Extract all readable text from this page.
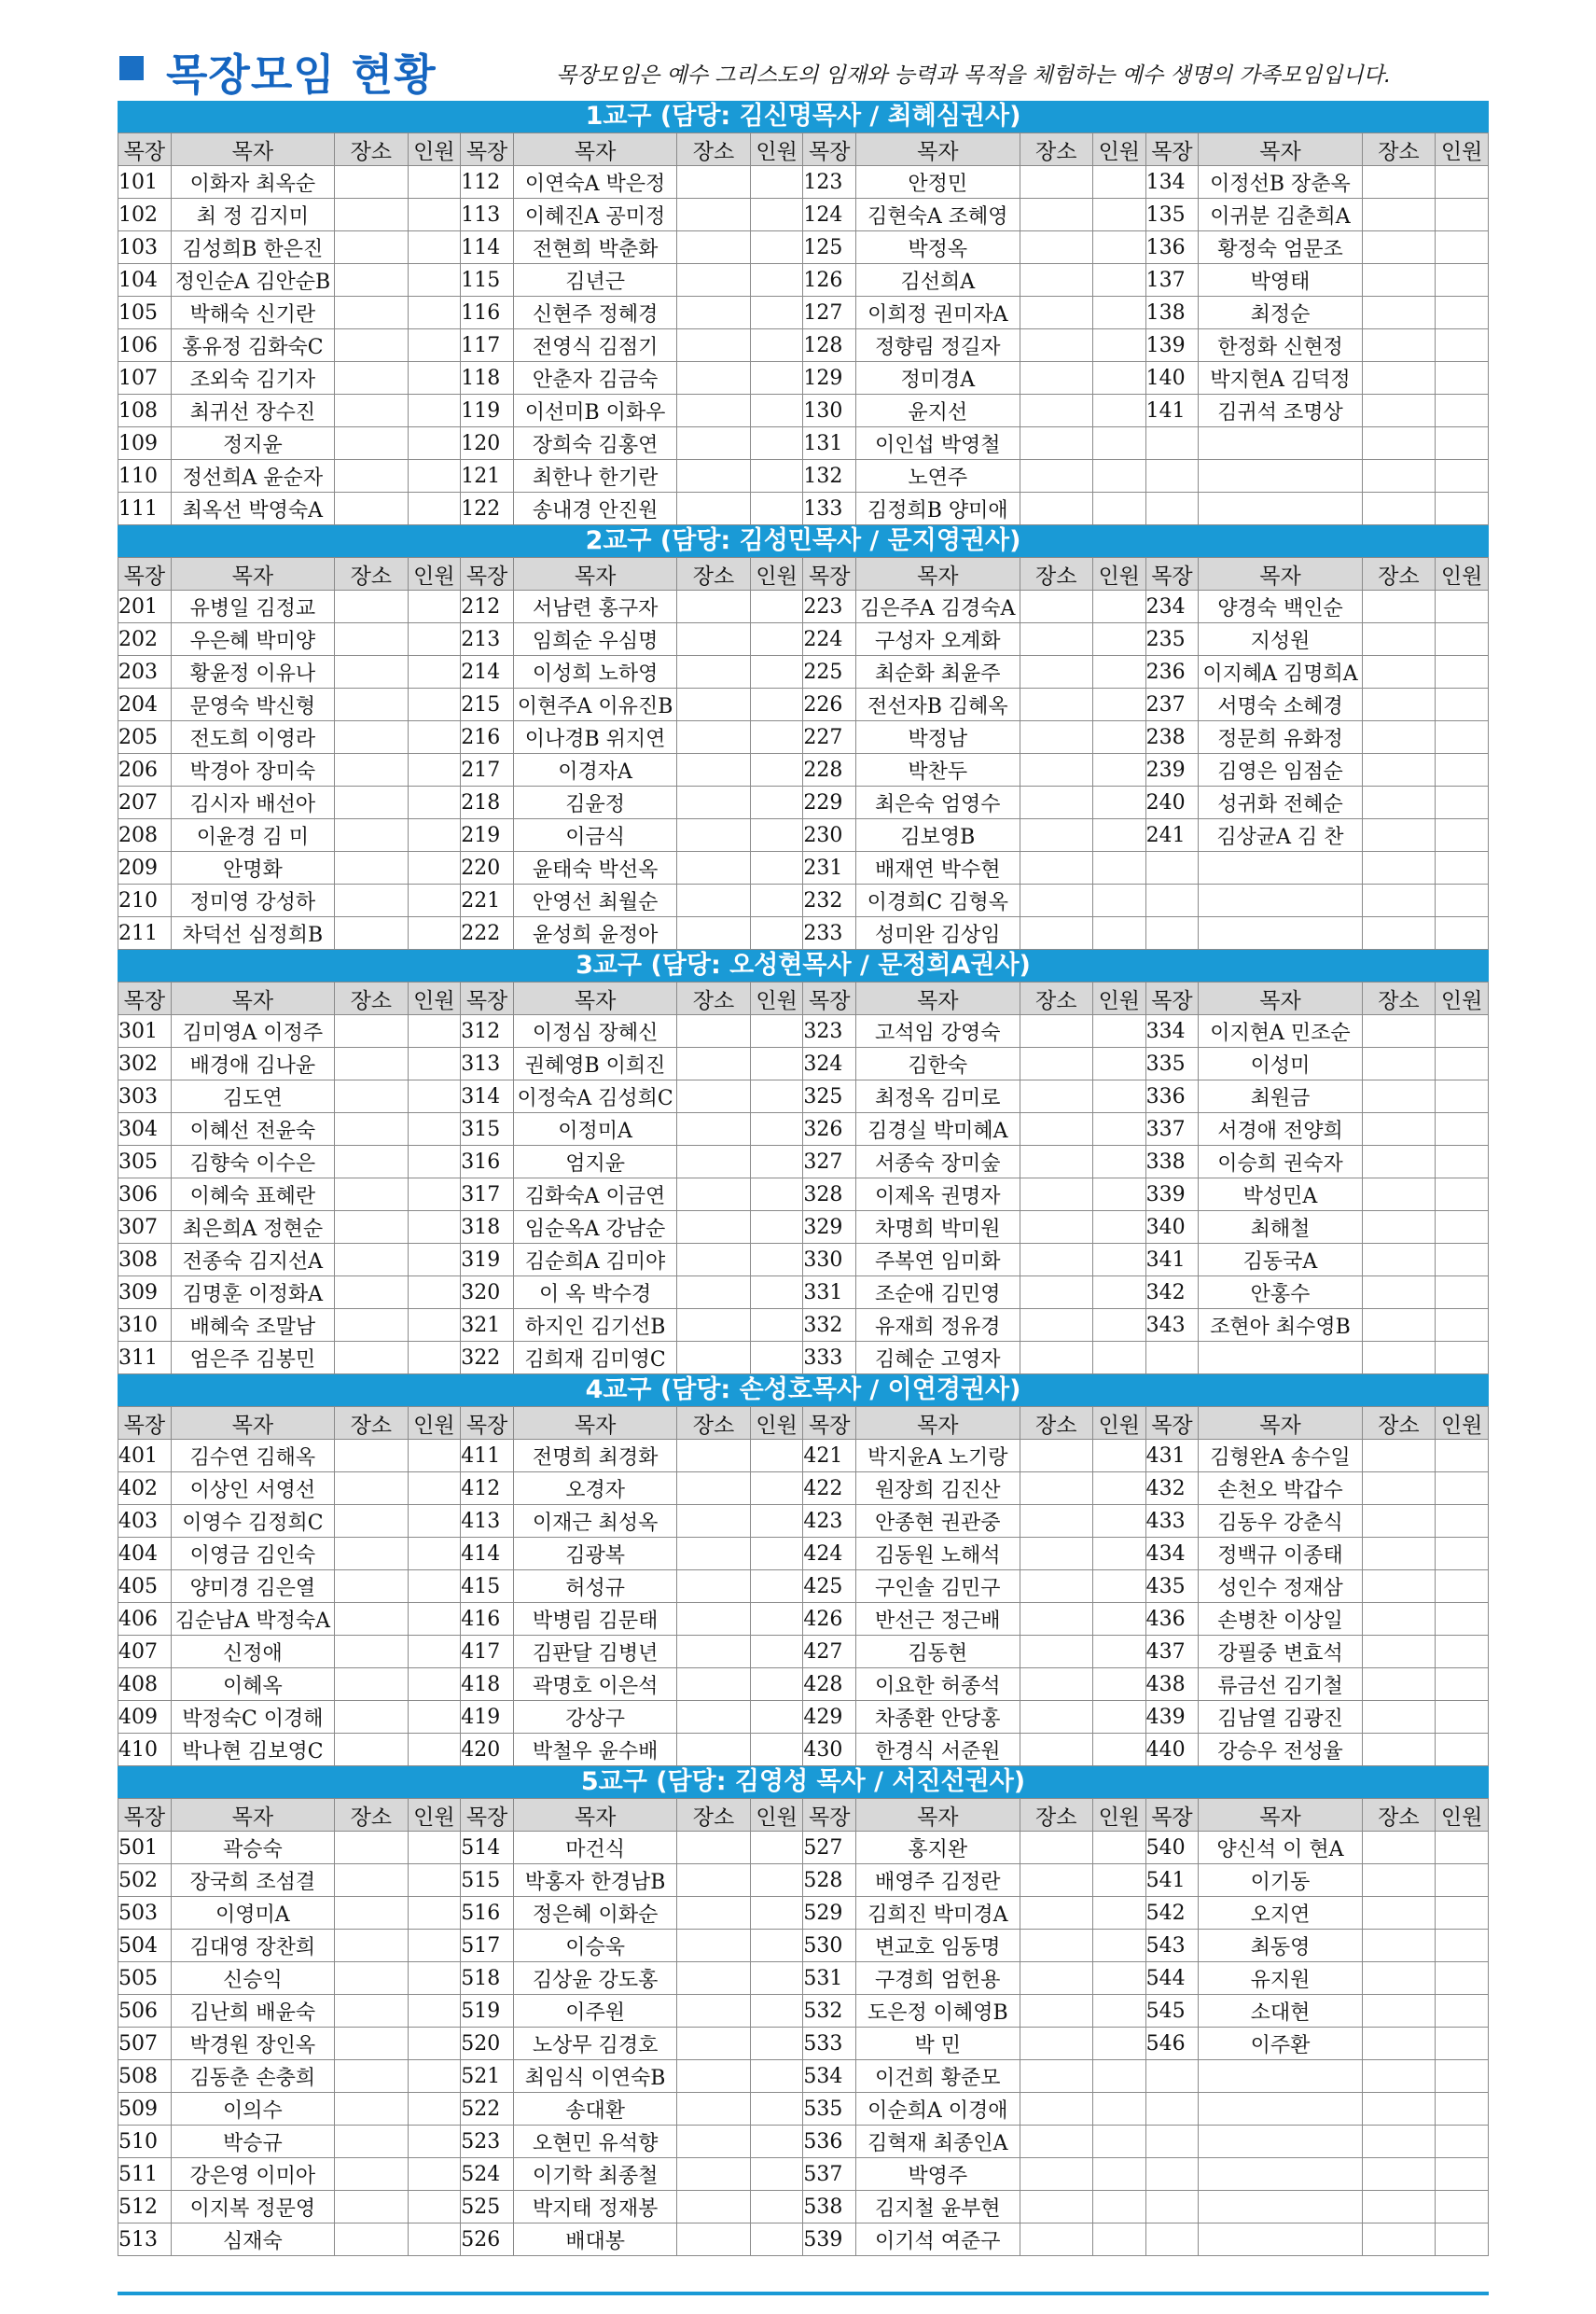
목장모임 현황	목장모임은 예수 그리스도의 임재와 능력과 목적을 체험하는 예수 생명의 가족모임입니다.
1교구 (담당: 김신명목사 / 최혜심권사)
목장	목자	장소	인원	목장	목자	장소	인원	목장	목자	장소	인원	목장	목자	장소	인원
101	이화자 최옥순			112	이연숙A 박은정			123	안정민			134	이정선B 장춘옥		
102	최 정 김지미			113	이혜진A 공미정			124	김현숙A 조혜영			135	이귀분 김춘희A		
103	김성희B 한은진			114	전현희 박춘화			125	박정옥			136	황정숙 엄문조		
104	정인순A 김안순B			115	김년근			126	김선희A			137	박영태		
105	박해숙 신기란			116	신현주 정혜경			127	이희정 권미자A			138	최정순		
106	홍유정 김화숙C			117	전영식 김점기			128	정향림 정길자			139	한정화 신현정		
107	조외숙 김기자			118	안춘자 김금숙			129	정미경A			140	박지현A 김덕정		
108	최귀선 장수진			119	이선미B 이화우			130	윤지선			141	김귀석 조명상		
109	정지윤			120	장희숙 김홍연			131	이인섭 박영철						
110	정선희A 윤순자			121	최한나 한기란			132	노연주						
111	최옥선 박영숙A			122	송내경 안진원			133	김정희B 양미애						
2교구 (담당: 김성민목사 / 문지영권사)
목장	목자	장소	인원	목장	목자	장소	인원	목장	목자	장소	인원	목장	목자	장소	인원
201	유병일 김정교			212	서남련 홍구자			223	김은주A 김경숙A			234	양경숙 백인순		
202	우은혜 박미양			213	임희순 우심명			224	구성자 오계화			235	지성원		
203	황윤정 이유나			214	이성희 노하영			225	최순화 최윤주			236	이지혜A 김명희A		
204	문영숙 박신형			215	이현주A 이유진B			226	전선자B 김혜옥			237	서명숙 소혜경		
205	전도희 이영라			216	이나경B 위지연			227	박정남			238	정문희 유화정		
206	박경아 장미숙			217	이경자A			228	박찬두			239	김영은 임점순		
207	김시자 배선아			218	김윤정			229	최은숙 엄영수			240	성귀화 전혜순		
208	이윤경 김 미			219	이금식			230	김보영B			241	김상균A 김 찬		
209	안명화			220	윤태숙 박선옥			231	배재연 박수현						
210	정미영 강성하			221	안영선 최월순			232	이경희C 김형옥						
211	차덕선 심정희B			222	윤성희 윤정아			233	성미완 김상임						
3교구 (담당: 오성현목사 / 문정희A권사)
목장	목자	장소	인원	목장	목자	장소	인원	목장	목자	장소	인원	목장	목자	장소	인원
301	김미영A 이정주			312	이정심 장혜신			323	고석임 강영숙			334	이지현A 민조순		
302	배경애 김나윤			313	권혜영B 이희진			324	김한숙			335	이성미		
303	김도연			314	이정숙A 김성희C			325	최정옥 김미로			336	최원금		
304	이혜선 전윤숙			315	이정미A			326	김경실 박미혜A			337	서경애 전양희		
305	김향숙 이수은			316	엄지윤			327	서종숙 장미숲			338	이승희 권숙자		
306	이혜숙 표혜란			317	김화숙A 이금연			328	이제옥 권명자			339	박성민A		
307	최은희A 정현순			318	임순옥A 강남순			329	차명희 박미원			340	최해철		
308	전종숙 김지선A			319	김순희A 김미야			330	주복연 임미화			341	김동국A		
309	김명훈 이정화A			320	이 옥 박수경			331	조순애 김민영			342	안홍수		
310	배혜숙 조말남			321	하지인 김기선B			332	유재희 정유경			343	조현아 최수영B		
311	엄은주 김봉민			322	김희재 김미영C			333	김혜순 고영자						
4교구 (담당: 손성호목사 / 이연경권사)
목장	목자	장소	인원	목장	목자	장소	인원	목장	목자	장소	인원	목장	목자	장소	인원
401	김수연 김해옥			411	전명희 최경화			421	박지윤A 노기랑			431	김형완A 송수일		
402	이상인 서영선			412	오경자			422	원장희 김진산			432	손천오 박갑수		
403	이영수 김정희C			413	이재근 최성옥			423	안종현 권관중			433	김동우 강춘식		
404	이영금 김인숙			414	김광복			424	김동원 노해석			434	정백규 이종태		
405	양미경 김은열			415	허성규			425	구인솔 김민구			435	성인수 정재삼		
406	김순남A 박정숙A			416	박병림 김문태			426	반선근 정근배			436	손병찬 이상일		
407	신정애			417	김판달 김병년			427	김동현			437	강필중 변효석		
408	이혜옥			418	곽명호 이은석			428	이요한 허종석			438	류금선 김기철		
409	박정숙C 이경해			419	강상구			429	차종환 안당홍			439	김남열 김광진		
410	박나현 김보영C			420	박철우 윤수배			430	한경식 서준원			440	강승우 전성율		
5교구 (담당: 김영성 목사 / 서진선권사)
목장	목자	장소	인원	목장	목자	장소	인원	목장	목자	장소	인원	목장	목자	장소	인원
501	곽승숙			514	마건식			527	홍지완			540	양신석 이 현A		
502	장국희 조섬결			515	박홍자 한경남B			528	배영주 김정란			541	이기동		
503	이영미A			516	정은혜 이화순			529	김희진 박미경A			542	오지연		
504	김대영 장찬희			517	이승욱			530	변교호 임동명			543	최동영		
505	신승익			518	김상윤 강도홍			531	구경희 엄헌용			544	유지원		
506	김난희 배윤숙			519	이주원			532	도은정 이혜영B			545	소대현		
507	박경원 장인옥			520	노상무 김경호			533	박 민			546	이주환		
508	김동춘 손충희			521	최임식 이연숙B			534	이건희 황준모						
509	이의수			522	송대환			535	이순희A 이경애						
510	박승규			523	오현민 유석향			536	김혁재 최종인A						
511	강은영 이미아			524	이기학 최종철			537	박영주						
512	이지복 정문영			525	박지태 정재봉			538	김지철 윤부현						
513	심재숙			526	배대봉			539	이기석 여준구						
